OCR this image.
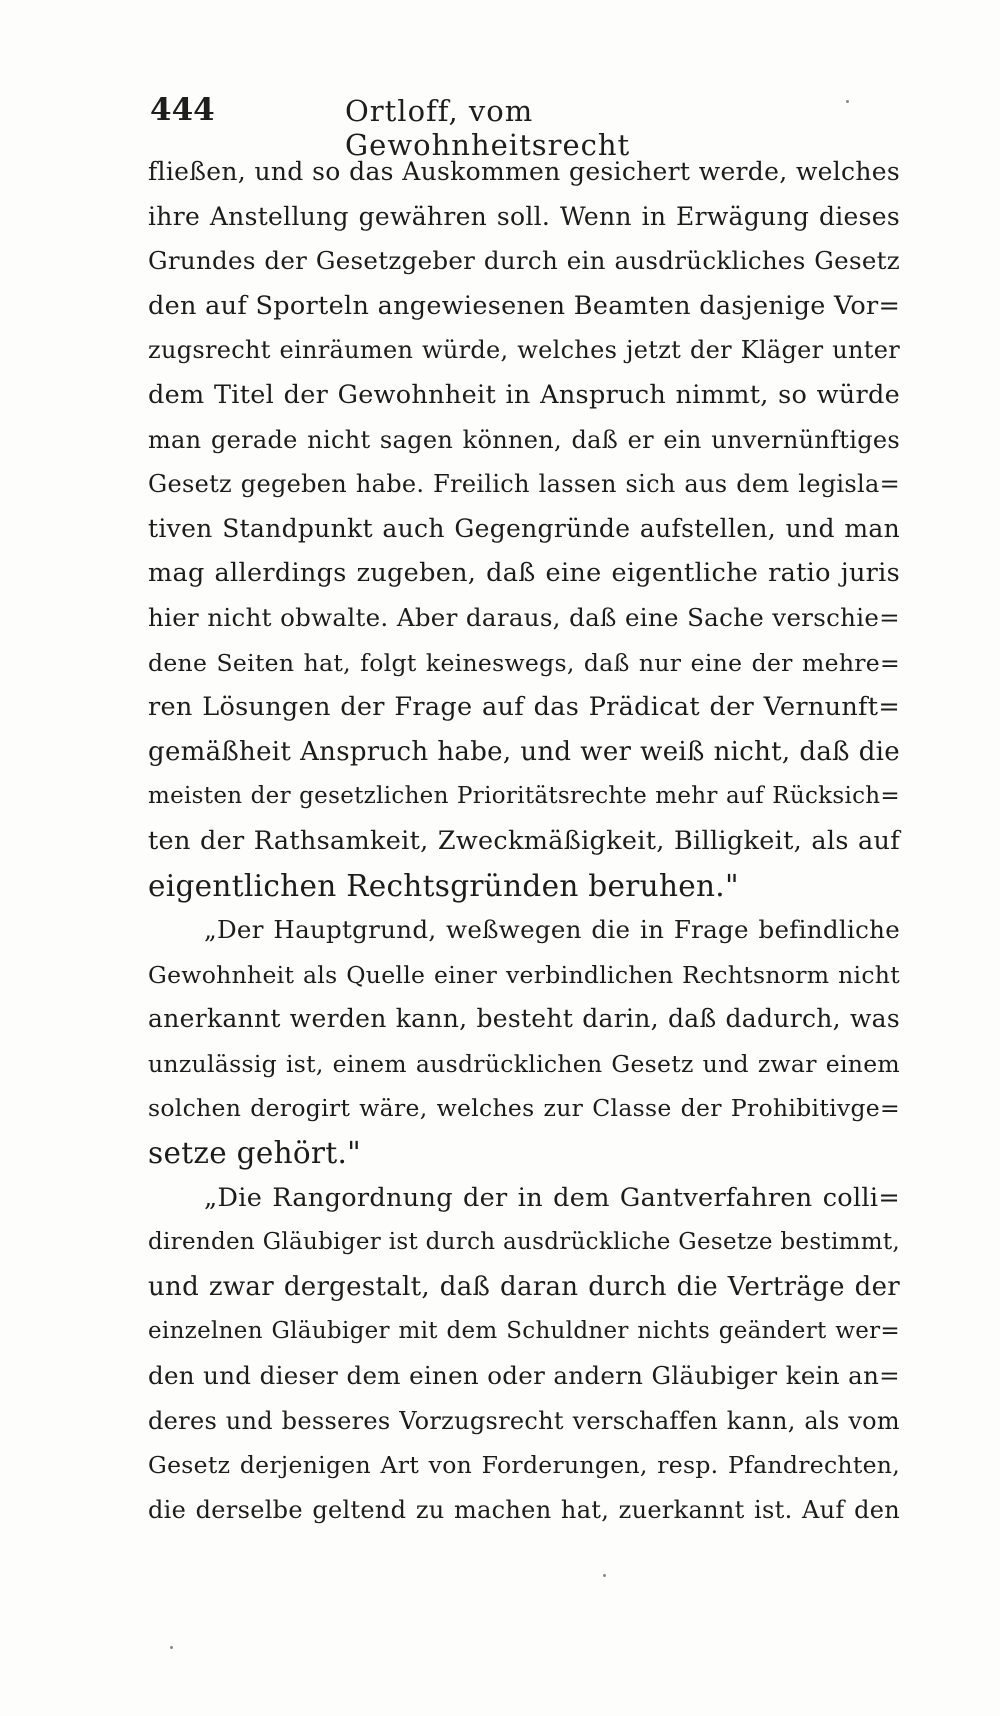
444	Ortloff, vom Gewohnheitsrecht
fließen, und so das Auskommen gesichert werde, welches
ihre Anstellung gewähren soll. Wenn in Erwägung dieses
Grundes der Gesetzgeber durch ein ausdrückliches Gesetz
den auf Sporteln angewiesenen Beamten dasjenige Vor=
zugsrecht einräumen würde, welches jetzt der Kläger unter
dem Titel der Gewohnheit in Anspruch nimmt, so würde
man gerade nicht sagen können, daß er ein unvernünftiges
Gesetz gegeben habe. Freilich lassen sich aus dem legisla=
tiven Standpunkt auch Gegengründe aufstellen, und man
mag allerdings zugeben, daß eine eigentliche ratio juris
hier nicht obwalte. Aber daraus, daß eine Sache verschie=
dene Seiten hat, folgt keineswegs, daß nur eine der mehre=
ren Lösungen der Frage auf das Prädicat der Vernunft=
gemäßheit Anspruch habe, und wer weiß nicht, daß die
meisten der gesetzlichen Prioritätsrechte mehr auf Rücksich=
ten der Rathsamkeit, Zweckmäßigkeit, Billigkeit, als auf
eigentlichen Rechtsgründen beruhen."
„Der Hauptgrund, weßwegen die in Frage befindliche
Gewohnheit als Quelle einer verbindlichen Rechtsnorm nicht
anerkannt werden kann, besteht darin, daß dadurch, was
unzulässig ist, einem ausdrücklichen Gesetz und zwar einem
solchen derogirt wäre, welches zur Classe der Prohibitivge=
setze gehört."
„Die Rangordnung der in dem Gantverfahren colli=
direnden Gläubiger ist durch ausdrückliche Gesetze bestimmt,
und zwar dergestalt, daß daran durch die Verträge der
einzelnen Gläubiger mit dem Schuldner nichts geändert wer=
den und dieser dem einen oder andern Gläubiger kein an=
deres und besseres Vorzugsrecht verschaffen kann, als vom
Gesetz derjenigen Art von Forderungen, resp. Pfandrechten,
die derselbe geltend zu machen hat, zuerkannt ist. Auf den
